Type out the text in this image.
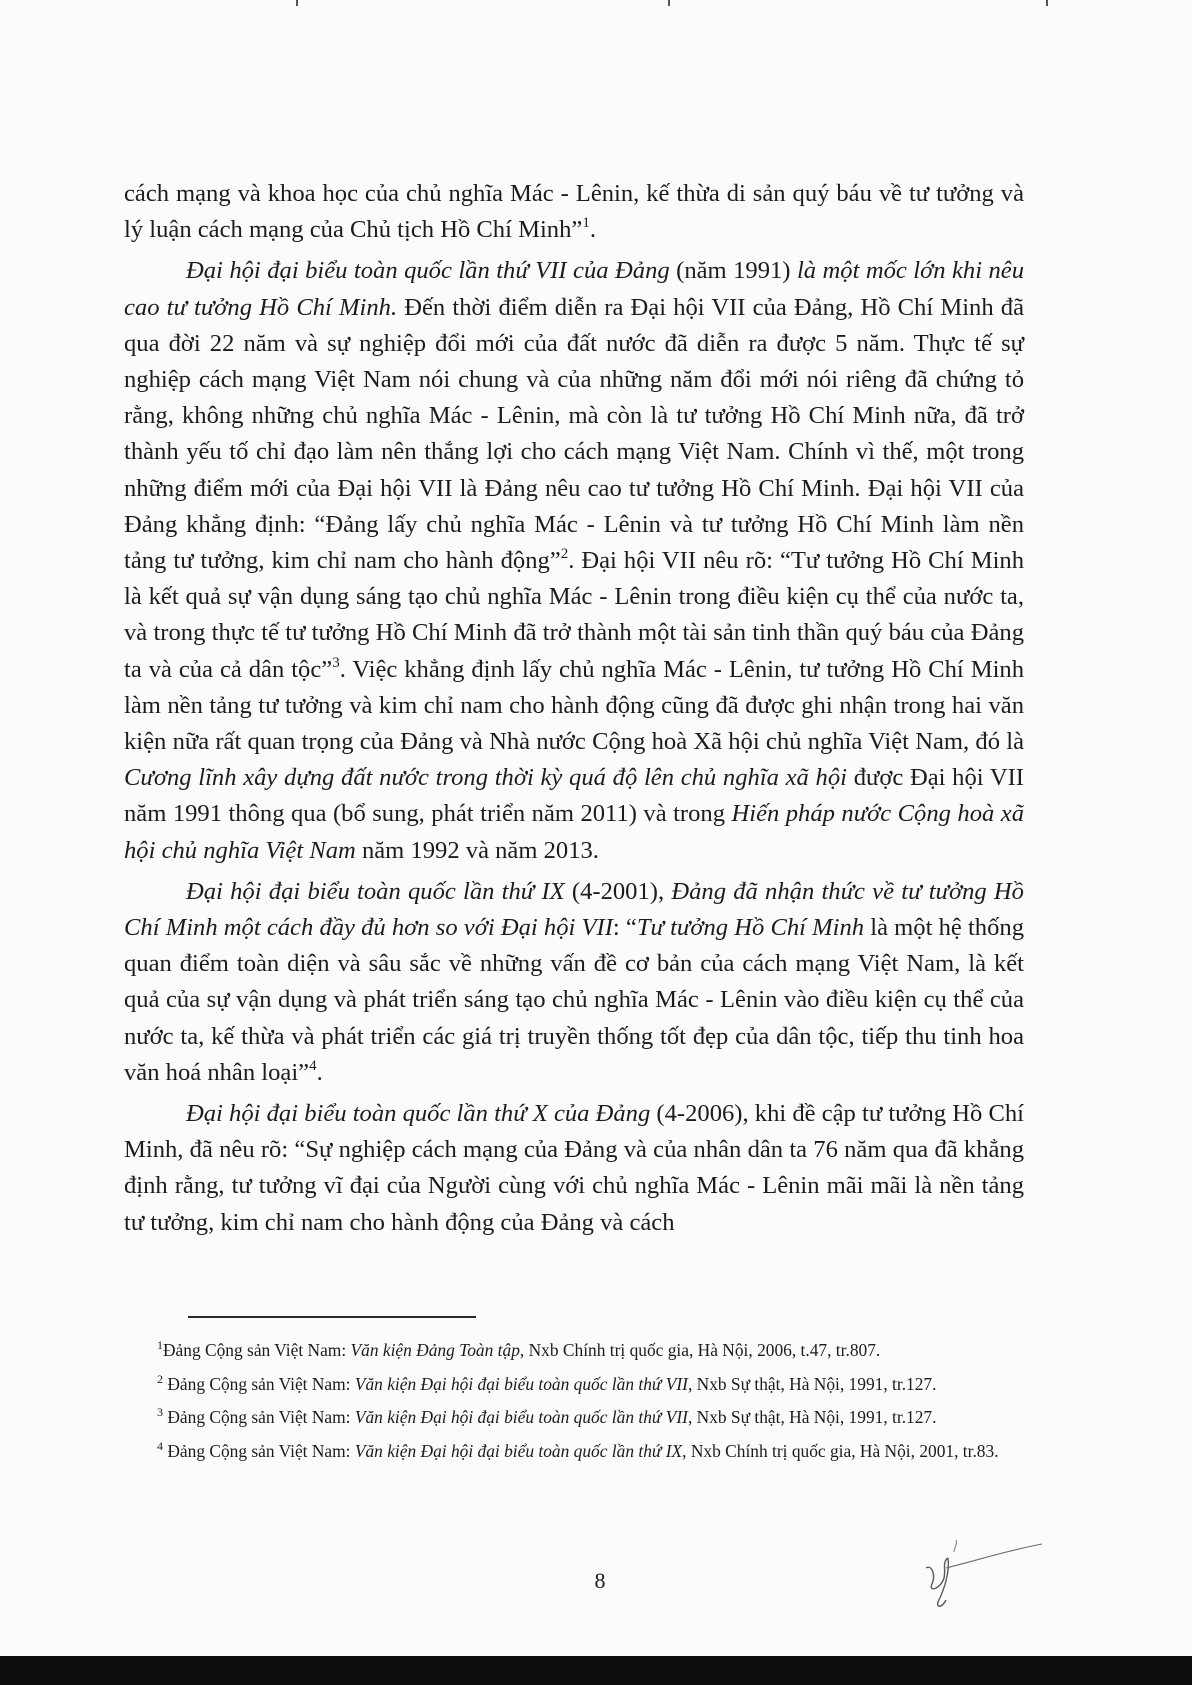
cách mạng và khoa học của chủ nghĩa Mác - Lênin, kế thừa di sản quý báu về tư tưởng và lý luận cách mạng của Chủ tịch Hồ Chí Minh”$^1$.

Đại hội đại biểu toàn quốc lần thứ VII của Đảng (năm 1991) là một mốc lớn khi nêu cao tư tưởng Hồ Chí Minh. Đến thời điểm diễn ra Đại hội VII của Đảng, Hồ Chí Minh đã qua đời 22 năm và sự nghiệp đổi mới của đất nước đã diễn ra được 5 năm. Thực tế sự nghiệp cách mạng Việt Nam nói chung và của những năm đổi mới nói riêng đã chứng tỏ rằng, không những chủ nghĩa Mác - Lênin, mà còn là tư tưởng Hồ Chí Minh nữa, đã trở thành yếu tố chỉ đạo làm nên thắng lợi cho cách mạng Việt Nam. Chính vì thế, một trong những điểm mới của Đại hội VII là Đảng nêu cao tư tưởng Hồ Chí Minh. Đại hội VII của Đảng khẳng định: “Đảng lấy chủ nghĩa Mác - Lênin và tư tưởng Hồ Chí Minh làm nền tảng tư tưởng, kim chỉ nam cho hành động”$^2$. Đại hội VII nêu rõ: “Tư tưởng Hồ Chí Minh là kết quả sự vận dụng sáng tạo chủ nghĩa Mác - Lênin trong điều kiện cụ thể của nước ta, và trong thực tế tư tưởng Hồ Chí Minh đã trở thành một tài sản tinh thần quý báu của Đảng ta và của cả dân tộc”$^3$. Việc khẳng định lấy chủ nghĩa Mác - Lênin, tư tưởng Hồ Chí Minh làm nền tảng tư tưởng và kim chỉ nam cho hành động cũng đã được ghi nhận trong hai văn kiện nữa rất quan trọng của Đảng và Nhà nước Cộng hoà Xã hội chủ nghĩa Việt Nam, đó là Cương lĩnh xây dựng đất nước trong thời kỳ quá độ lên chủ nghĩa xã hội được Đại hội VII năm 1991 thông qua (bổ sung, phát triển năm 2011) và trong Hiến pháp nước Cộng hoà xã hội chủ nghĩa Việt Nam năm 1992 và năm 2013.

Đại hội đại biểu toàn quốc lần thứ IX (4-2001), Đảng đã nhận thức về tư tưởng Hồ Chí Minh một cách đầy đủ hơn so với Đại hội VII: “Tư tưởng Hồ Chí Minh là một hệ thống quan điểm toàn diện và sâu sắc về những vấn đề cơ bản của cách mạng Việt Nam, là kết quả của sự vận dụng và phát triển sáng tạo chủ nghĩa Mác - Lênin vào điều kiện cụ thể của nước ta, kế thừa và phát triển các giá trị truyền thống tốt đẹp của dân tộc, tiếp thu tinh hoa văn hoá nhân loại”$^4$.

Đại hội đại biểu toàn quốc lần thứ X của Đảng (4-2006), khi đề cập tư tưởng Hồ Chí Minh, đã nêu rõ: “Sự nghiệp cách mạng của Đảng và của nhân dân ta 76 năm qua đã khẳng định rằng, tư tưởng vĩ đại của Người cùng với chủ nghĩa Mác - Lênin mãi mãi là nền tảng tư tưởng, kim chỉ nam cho hành động của Đảng và cách

$^1$Đảng Cộng sản Việt Nam: Văn kiện Đảng Toàn tập, Nxb Chính trị quốc gia, Hà Nội, 2006, t.47, tr.807.

$^2$ Đảng Cộng sản Việt Nam: Văn kiện Đại hội đại biểu toàn quốc lần thứ VII, Nxb Sự thật, Hà Nội, 1991, tr.127.

$^3$ Đảng Cộng sản Việt Nam: Văn kiện Đại hội đại biểu toàn quốc lần thứ VII, Nxb Sự thật, Hà Nội, 1991, tr.127.

$^4$ Đảng Cộng sản Việt Nam: Văn kiện Đại hội đại biểu toàn quốc lần thứ IX, Nxb Chính trị quốc gia, Hà Nội, 2001, tr.83.

8
